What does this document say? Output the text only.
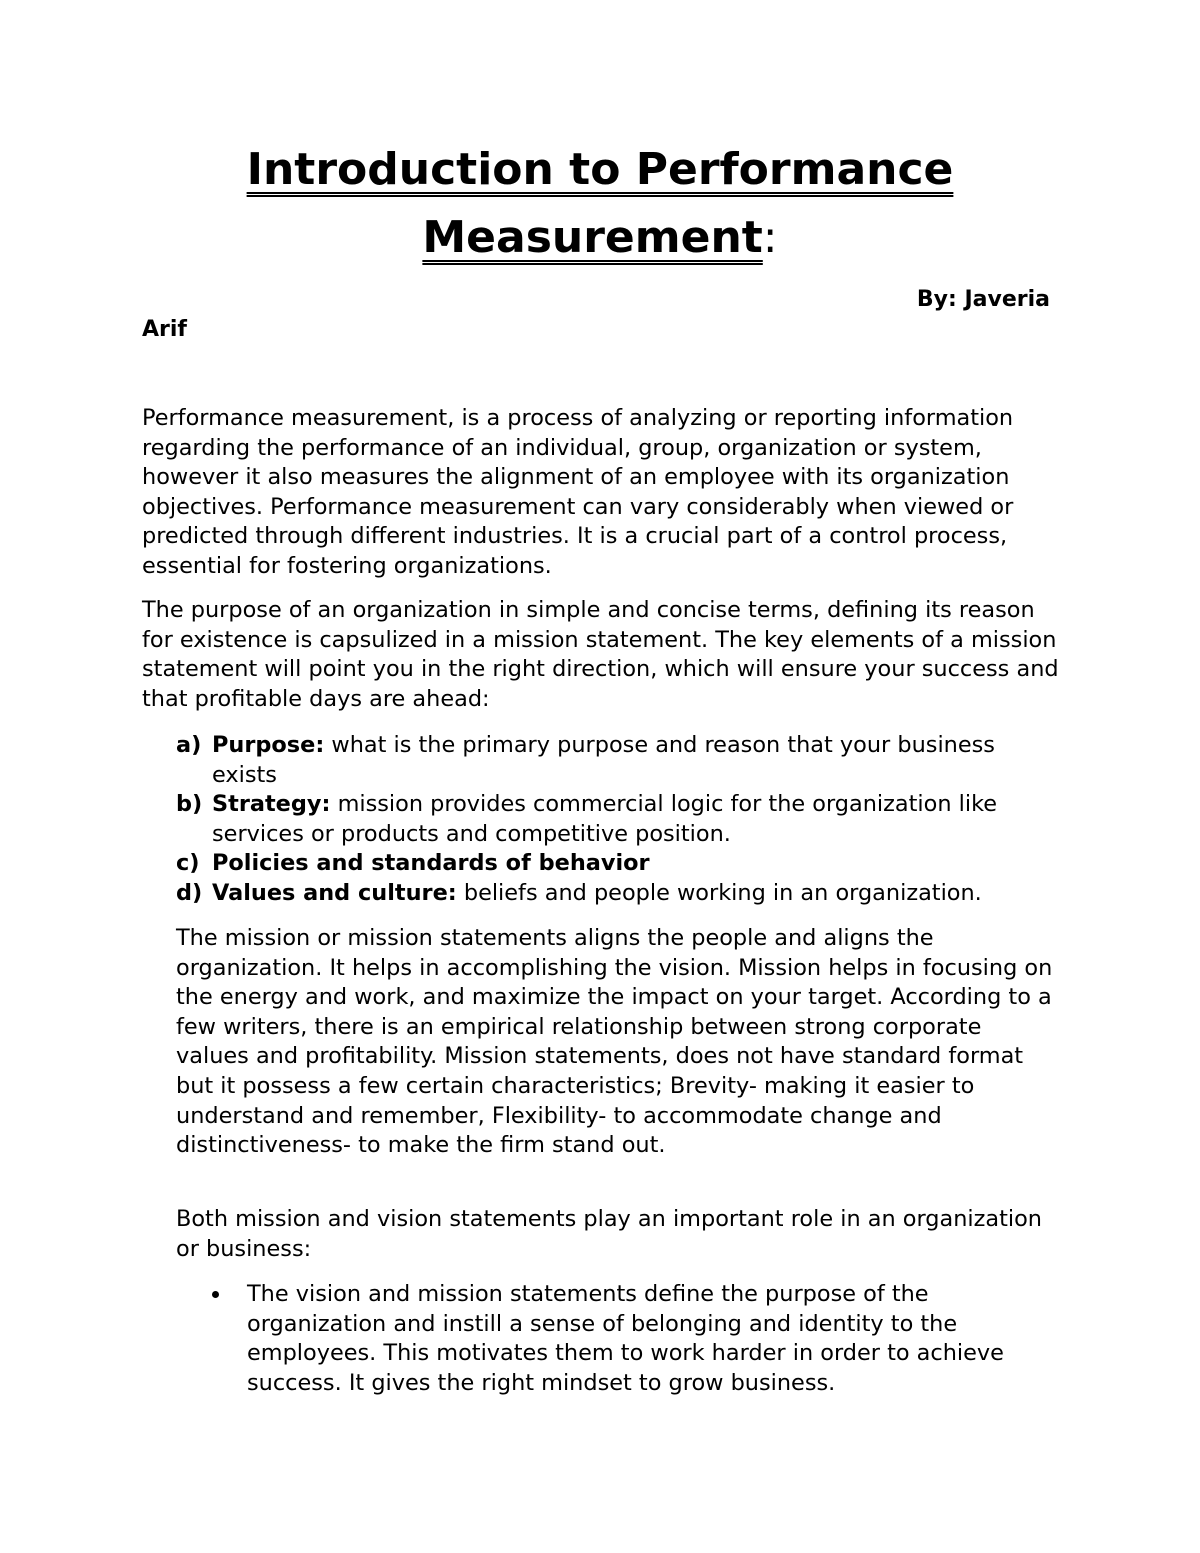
Introduction to Performance
Measurement:
By: Javeria
Arif

Performance measurement, is a process of analyzing or reporting information regarding the performance of an individual, group, organization or system, however it also measures the alignment of an employee with its organization objectives. Performance measurement can vary considerably when viewed or predicted through different industries. It is a crucial part of a control process, essential for fostering organizations.

The purpose of an organization in simple and concise terms, defining its reason for existence is capsulized in a mission statement. The key elements of a mission statement will point you in the right direction, which will ensure your success and that profitable days are ahead:

a) Purpose: what is the primary purpose and reason that your business exists
b) Strategy: mission provides commercial logic for the organization like services or products and competitive position.
c) Policies and standards of behavior
d) Values and culture: beliefs and people working in an organization.

The mission or mission statements aligns the people and aligns the organization. It helps in accomplishing the vision. Mission helps in focusing on the energy and work, and maximize the impact on your target. According to a few writers, there is an empirical relationship between strong corporate values and profitability. Mission statements, does not have standard format but it possess a few certain characteristics; Brevity- making it easier to understand and remember, Flexibility- to accommodate change and distinctiveness- to make the firm stand out.

Both mission and vision statements play an important role in an organization or business:

The vision and mission statements define the purpose of the organization and instill a sense of belonging and identity to the employees. This motivates them to work harder in order to achieve success. It gives the right mindset to grow business.
